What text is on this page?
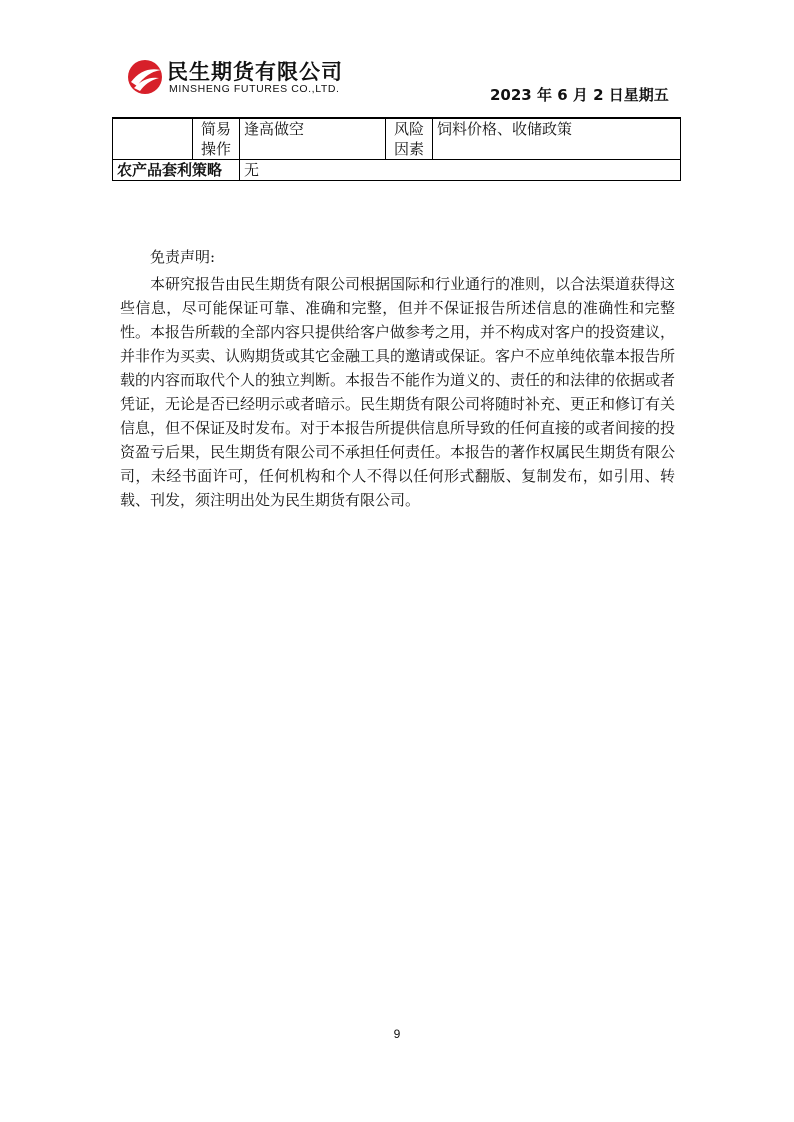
民生期货有限公司
MINSHENG FUTURES CO.,LTD.	2023 年 6 月 2 日星期五
	简易操作	逢高做空	风险因素	饲料价格、收储政策
农产品套利策略		无		
免责声明:
本研究报告由民生期货有限公司根据国际和行业通行的准则，以合法渠道获得这些信息，尽可能保证可靠、准确和完整，但并不保证报告所述信息的准确性和完整性。本报告所载的全部内容只提供给客户做参考之用，并不构成对客户的投资建议，并非作为买卖、认购期货或其它金融工具的邀请或保证。客户不应单纯依靠本报告所载的内容而取代个人的独立判断。本报告不能作为道义的、责任的和法律的依据或者凭证，无论是否已经明示或者暗示。民生期货有限公司将随时补充、更正和修订有关信息，但不保证及时发布。对于本报告所提供信息所导致的任何直接的或者间接的投资盈亏后果，民生期货有限公司不承担任何责任。本报告的著作权属民生期货有限公司，未经书面许可，任何机构和个人不得以任何形式翻版、复制发布，如引用、转载、刊发，须注明出处为民生期货有限公司。
9
